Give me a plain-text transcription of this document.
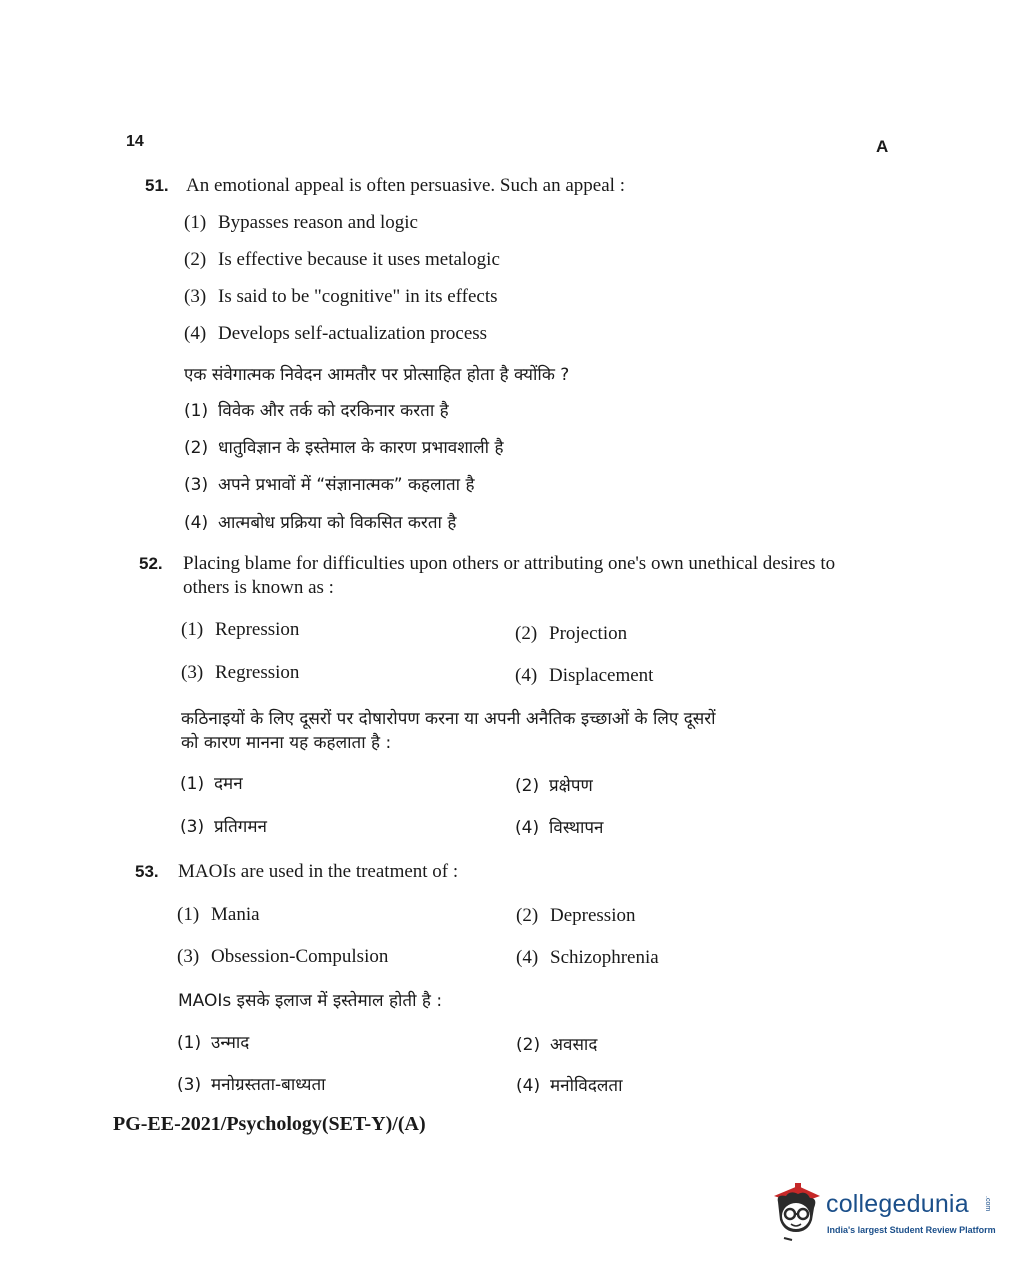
14	A
51. An emotional appeal is often persuasive. Such an appeal :
(1) Bypasses reason and logic
(2) Is effective because it uses metalogic
(3) Is said to be "cognitive" in its effects
(4) Develops self-actualization process
एक संवेगात्मक निवेदन आमतौर पर प्रोत्साहित होता है क्योंकि ?
(1) विवेक और तर्क को दरकिनार करता है
(2) धातुविज्ञान के इस्तेमाल के कारण प्रभावशाली है
(3) अपने प्रभावों में “संज्ञानात्मक” कहलाता है
(4) आत्मबोध प्रक्रिया को विकसित करता है
52. Placing blame for difficulties upon others or attributing one's own unethical desires to
others is known as :
(1) Repression	(2) Projection
(3) Regression	(4) Displacement
कठिनाइयों के लिए दूसरों पर दोषारोपण करना या अपनी अनैतिक इच्छाओं के लिए दूसरों
को कारण मानना यह कहलाता है :
(1) दमन	(2) प्रक्षेपण
(3) प्रतिगमन	(4) विस्थापन
53. MAOIs are used in the treatment of :
(1) Mania	(2) Depression
(3) Obsession-Compulsion	(4) Schizophrenia
MAOIs इसके इलाज में इस्तेमाल होती है :
(1) उन्माद	(2) अवसाद
(3) मनोग्रस्तता-बाध्यता	(4) मनोविदलता
PG-EE-2021/Psychology(SET-Y)/(A)
collegedunia .com
India's largest Student Review Platform
